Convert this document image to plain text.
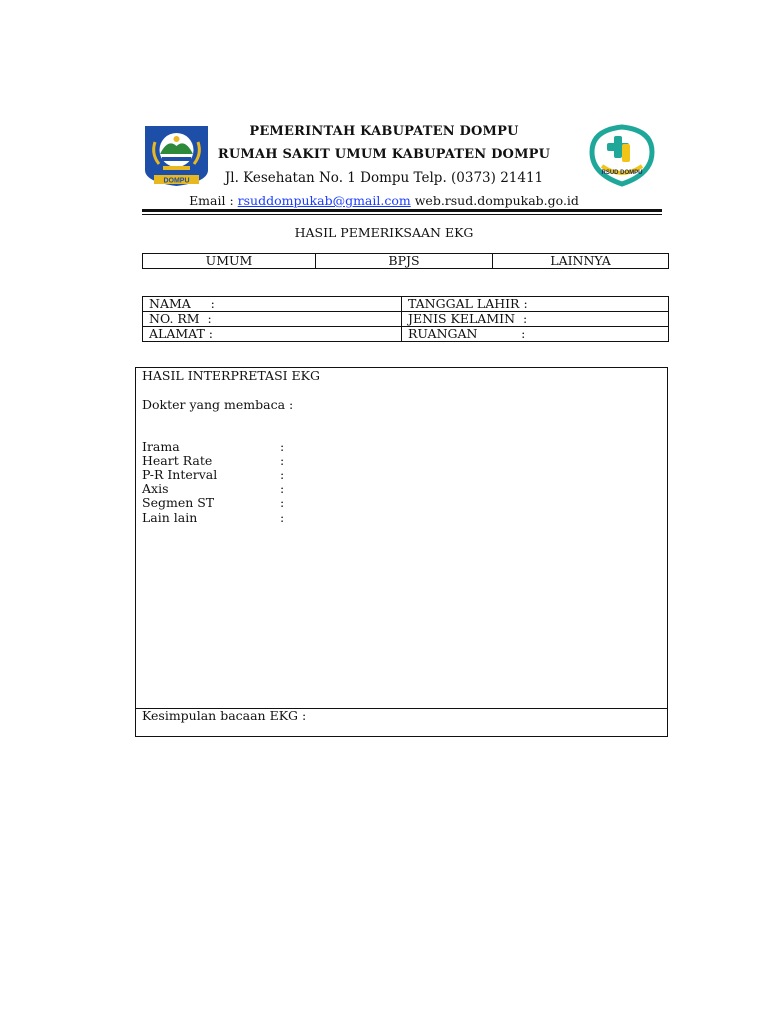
DOMPU
PEMERINTAH KABUPATEN DOMPU
RUMAH SAKIT UMUM KABUPATEN DOMPU
Jl. Kesehatan No. 1 Dompu Telp. (0373) 21411
Email : rsuddompukab@gmail.com web.rsud.dompukab.go.id
RSUD DOMPU
HASIL PEMERIKSAAN EKG
UMUM	BPJS	LAINNYA
NAMA     :	TANGGAL LAHIR :
NO. RM  :	JENIS KELAMIN  :
ALAMAT :	RUANGAN           :
HASIL INTERPRETASI EKG
Dokter yang membaca :
Irama	:
Heart Rate	:
P-R Interval	:
Axis	:
Segmen ST	:
Lain lain	:
Kesimpulan bacaan EKG :
